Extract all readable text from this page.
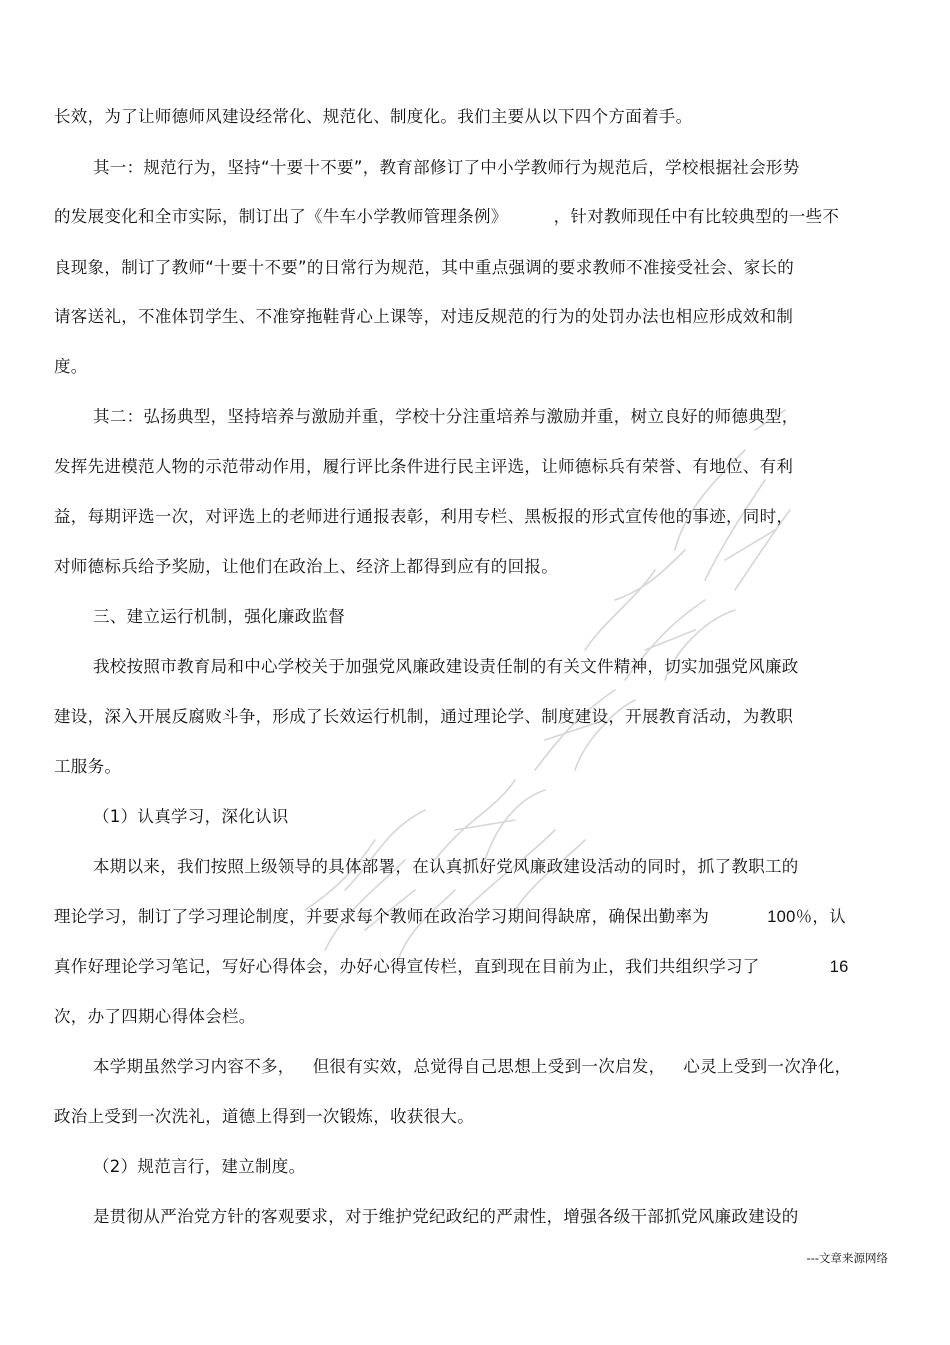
长效，为了让师德师风建设经常化、规范化、制度化。我们主要从以下四个方面着手。
其一：规范行为，坚持“十要十不要”，教育部修订了中小学教师行为规范后，学校根据社会形势
的发展变化和全市实际，制订出了《牛车小学教师管理条例》	，针对教师现任中有比较典型的一些不
良现象，制订了教师“十要十不要”的日常行为规范，其中重点强调的要求教师不准接受社会、家长的
请客送礼，不准体罚学生、不准穿拖鞋背心上课等，对违反规范的行为的处罚办法也相应形成效和制
度。
其二：弘扬典型，坚持培养与激励并重，学校十分注重培养与激励并重，树立良好的师德典型，
发挥先进模范人物的示范带动作用，履行评比条件进行民主评选，让师德标兵有荣誉、有地位、有利
益，每期评选一次，对评选上的老师进行通报表彰，利用专栏、黑板报的形式宣传他的事迹，同时，
对师德标兵给予奖励，让他们在政治上、经济上都得到应有的回报。
三、建立运行机制，强化廉政监督
我校按照市教育局和中心学校关于加强党风廉政建设责任制的有关文件精神，切实加强党风廉政
建设，深入开展反腐败斗争，形成了长效运行机制，通过理论学、制度建设，开展教育活动，为教职
工服务。
（1）认真学习，深化认识
本期以来，我们按照上级领导的具体部署，在认真抓好党风廉政建设活动的同时，抓了教职工的
理论学习，制订了学习理论制度，并要求每个教师在政治学习期间得缺席，确保出勤率为	100％，认
真作好理论学习笔记，写好心得体会，办好心得宣传栏，直到现在目前为止，我们共组织学习了	16
次，办了四期心得体会栏。
本学期虽然学习内容不多， 但很有实效，总觉得自己思想上受到一次启发， 心灵上受到一次净化，
政治上受到一次洗礼，道德上得到一次锻炼，收获很大。
（2）规范言行，建立制度。
是贯彻从严治党方针的客观要求，对于维护党纪政纪的严肃性，增强各级干部抓党风廉政建设的
---文章来源网络
